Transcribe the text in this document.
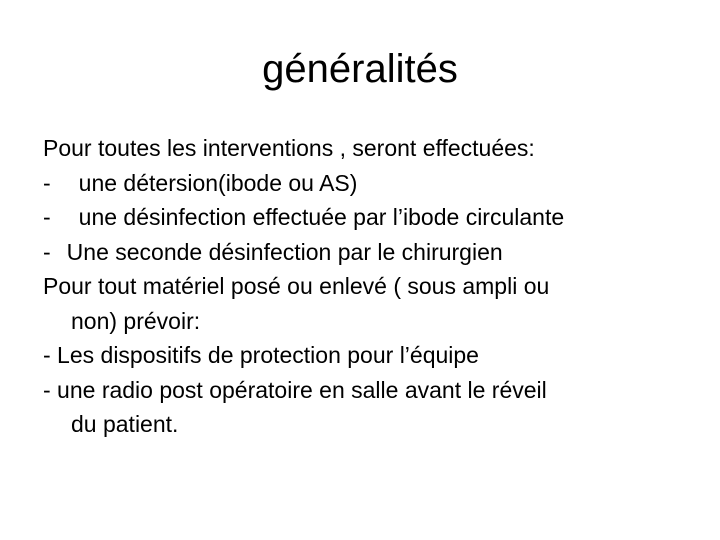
généralités
Pour toutes les interventions , seront effectuées:
- une détersion(ibode ou AS)
- une désinfection effectuée par l’ibode circulante
- Une seconde désinfection par le chirurgien
Pour tout matériel posé ou enlevé ( sous ampli ou
non) prévoir:
- Les dispositifs de protection pour l’équipe
- une radio post opératoire en salle avant le réveil
du patient.
